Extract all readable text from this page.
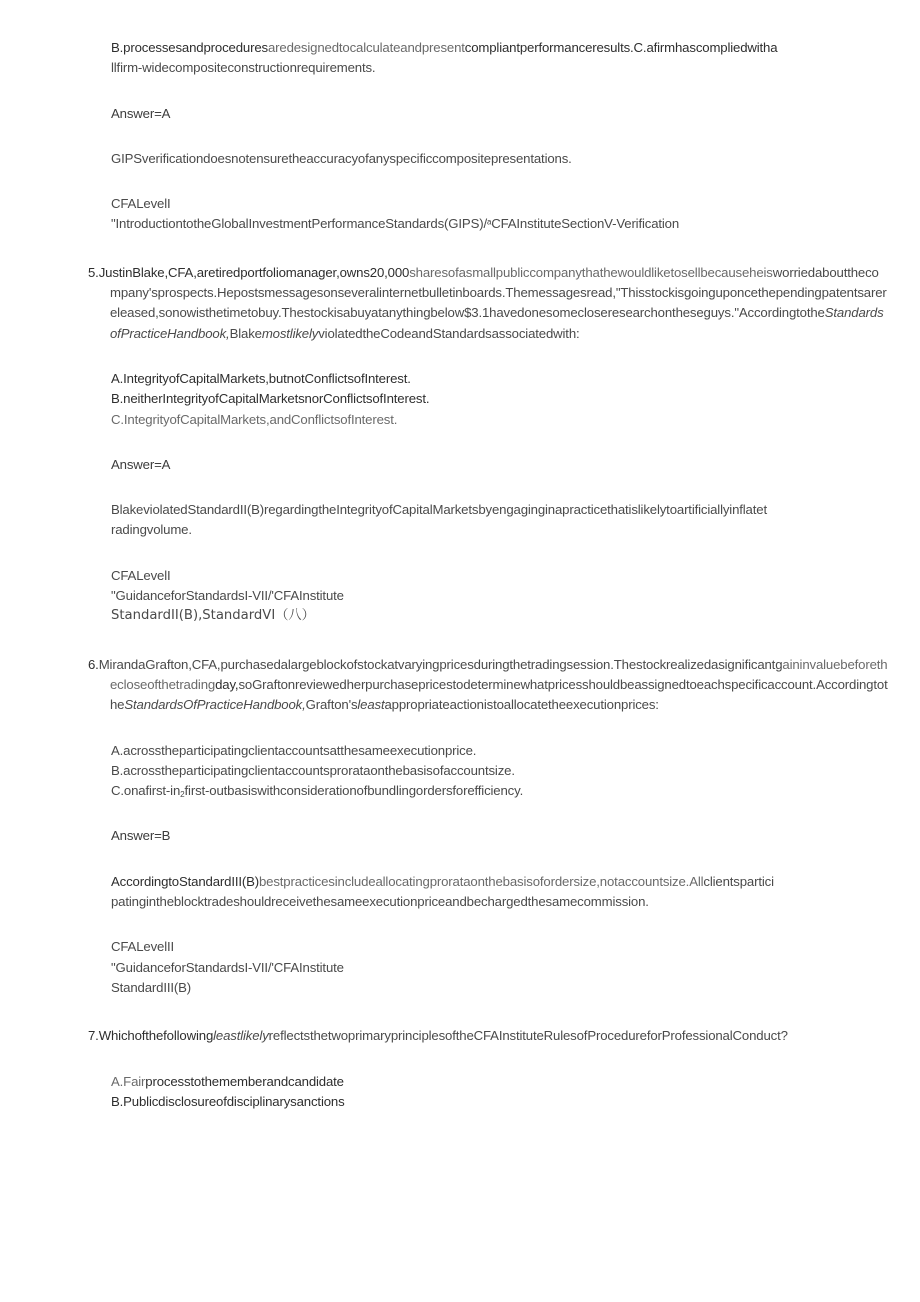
B.processesandproceduresaredesignedtocalculateandpresentcompliantperformanceresults.C.afirmhascompliedwitha
llfirm-widecompositeconstructionrequirements.
Answer=A
GIPSverificationdoesnotensuretheaccuracyofanyspecificcompositepresentations.
CFALevelI
"IntroductiontotheGlobalInvestmentPerformanceStandards(GIPS)/$^a$CFAInstituteSectionV-Verification
5.JustinBlake,CFA,aretiredportfoliomanager,owns20,000sharesofasmallpubliccompanythathewouldliketosellbecauseheisworriedaboutthecompany'sprospects.Hepostsmessagesonseveralinternetbulletinboards.Themessagesread,"Thisstockisgoinguponcethependingpatentsarereleased,sonowisthetimetobuy.Thestockisabuyatanythingbelow$3.1havedonesomecloseresearchontheseguys."AccordingtotheStandardsofPracticeHandbook,BlakemostlikelyviolatedtheCodeandStandardsassociatedwith:
A.IntegrityofCapitalMarkets,butnotConflictsofInterest.
B.neitherIntegrityofCapitalMarketsnorConflictsofInterest.
C.IntegrityofCapitalMarkets,andConflictsofInterest.
Answer=A
BlakeviolatedStandardII(B)regardingtheIntegrityofCapitalMarketsbyengaginginapracticethatislikelytoartificiallyinflatet
radingvolume.
CFALevelI
"GuidanceforStandardsI-VII/'CFAInstitute
StandardII(B),StandardVI（八）
6.MirandaGrafton,CFA,purchasedalargeblockofstockatvaryingpricesduringthetradingsession.Thestockrealizedasignificantgaininvaluebeforethecloseofthetradingday,soGraftonreviewedherpurchasepricestodeterminewhatpricesshouldbeassignedtoeachspecificaccount.AccordingtotheStandardsOfPracticeHandbook,Grafton'sleastappropriateactionistoallocatetheexecutionprices:
A.acrosstheparticipatingclientaccountsatthesameexecutionprice.
B.acrosstheparticipatingclientaccountsprorataonthebasisofaccountsize.
$C.onafirst-in_2first$-outbasiswithconsiderationofbundlingordersforefficiency.
Answer=B
AccordingtoStandardIII(B)bestpracticesincludeallocatingprorataonthebasisofordersize,notaccountsize.Allclientspartici
patingintheblocktradeshouldreceivethesameexecutionpriceandbechargedthesamecommission.
CFALevelII
"GuidanceforStandardsI-VII/'CFAInstitute
StandardIII(B)
7.WhichofthefollowingleastlikelyreflectsthetwoprimaryprinciplesoftheCFAInstituteRulesofProcedureforProfessionalConduct?
A.Fairprocesstothememberandcandidate
B.Publicdisclosureofdisciplinarysanctions
